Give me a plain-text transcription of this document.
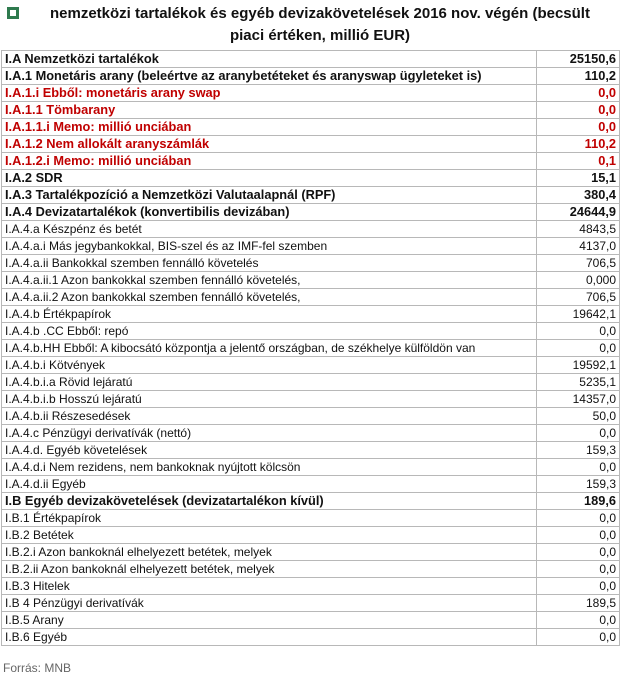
nemzetközi tartalékok és egyéb devizakövetelések 2016 nov. végén (becsült
piaci értéken, millió EUR)
I.A Nemzetközi tartalékok	25150,6
I.A.1 Monetáris arany (beleértve az aranybetéteket és aranyswap ügyleteket is)	110,2
I.A.1.i Ebből: monetáris arany swap	0,0
I.A.1.1 Tömbarany	0,0
I.A.1.1.i Memo: millió unciában	0,0
I.A.1.2 Nem allokált aranyszámlák	110,2
I.A.1.2.i Memo: millió unciában	0,1
I.A.2 SDR	15,1
I.A.3 Tartalékpozíció a Nemzetközi Valutaalapnál (RPF)	380,4
I.A.4 Devizatartalékok (konvertibilis devizában)	24644,9
I.A.4.a Készpénz és betét	4843,5
I.A.4.a.i Más jegybankokkal, BIS-szel és az IMF-fel szemben	4137,0
I.A.4.a.ii Bankokkal szemben fennálló követelés	706,5
I.A.4.a.ii.1 Azon bankokkal szemben fennálló követelés,	0,000
I.A.4.a.ii.2 Azon bankokkal szemben fennálló követelés,	706,5
I.A.4.b Értékpapírok	19642,1
I.A.4.b .CC Ebből: repó	0,0
I.A.4.b.HH Ebből: A kibocsátó központja a jelentő országban, de székhelye külföldön van	0,0
I.A.4.b.i Kötvények	19592,1
I.A.4.b.i.a Rövid lejáratú	5235,1
I.A.4.b.i.b Hosszú lejáratú	14357,0
I.A.4.b.ii Részesedések	50,0
I.A.4.c Pénzügyi derivatívák (nettó)	0,0
I.A.4.d. Egyéb követelések	159,3
I.A.4.d.i Nem rezidens, nem bankoknak nyújtott kölcsön	0,0
I.A.4.d.ii Egyéb	159,3
I.B Egyéb devizakövetelések (devizatartalékon kívül)	189,6
I.B.1 Értékpapírok	0,0
I.B.2 Betétek	0,0
I.B.2.i Azon bankoknál elhelyezett betétek, melyek	0,0
I.B.2.ii Azon bankoknál elhelyezett betétek, melyek	0,0
I.B.3 Hitelek	0,0
I.B 4 Pénzügyi derivatívák	189,5
I.B.5 Arany	0,0
I.B.6 Egyéb	0,0
Forrás: MNB
